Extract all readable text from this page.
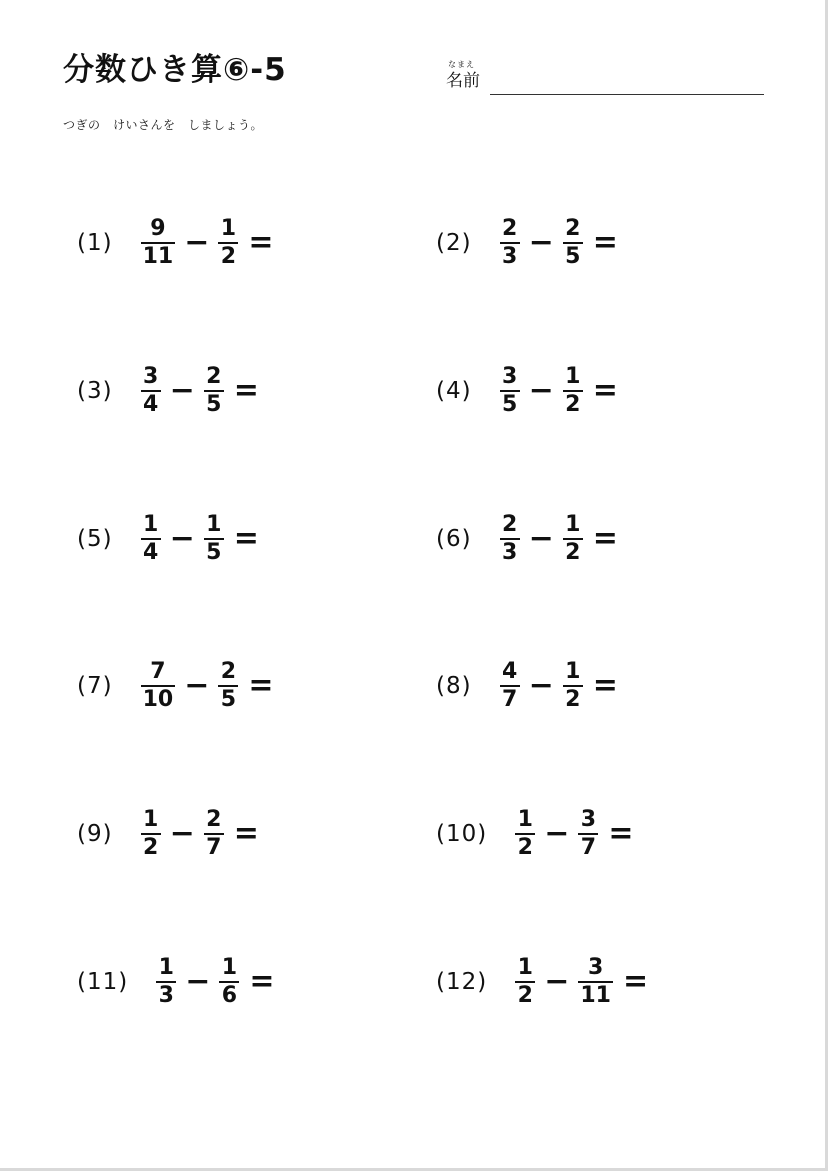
分数ひき算⑥-5	なまえ
名前
つぎの　けいさんを　しましょう。
$(1) \frac{9}{11} - \frac{1}{2}$ =	$(2) \frac{2}{3} - \frac{2}{5}$ =
$(3) \frac{3}{4} - \frac{2}{5}$ =	$(4) \frac{3}{5} - \frac{1}{2}$ =
$(5) \frac{1}{4} - \frac{1}{5}$ =	$(6) \frac{2}{3} - \frac{1}{2}$ =
$(7) \frac{7}{10} - \frac{2}{5}$ =	$(8) \frac{4}{7} - \frac{1}{2}$ =
$(9) \frac{1}{2} - \frac{2}{7}$ =	$(10) \frac{1}{2} - \frac{3}{7}$ =
$(11) \frac{1}{3} - \frac{1}{6}$ =	$(12) \frac{1}{2} - \frac{3}{11}$ =
